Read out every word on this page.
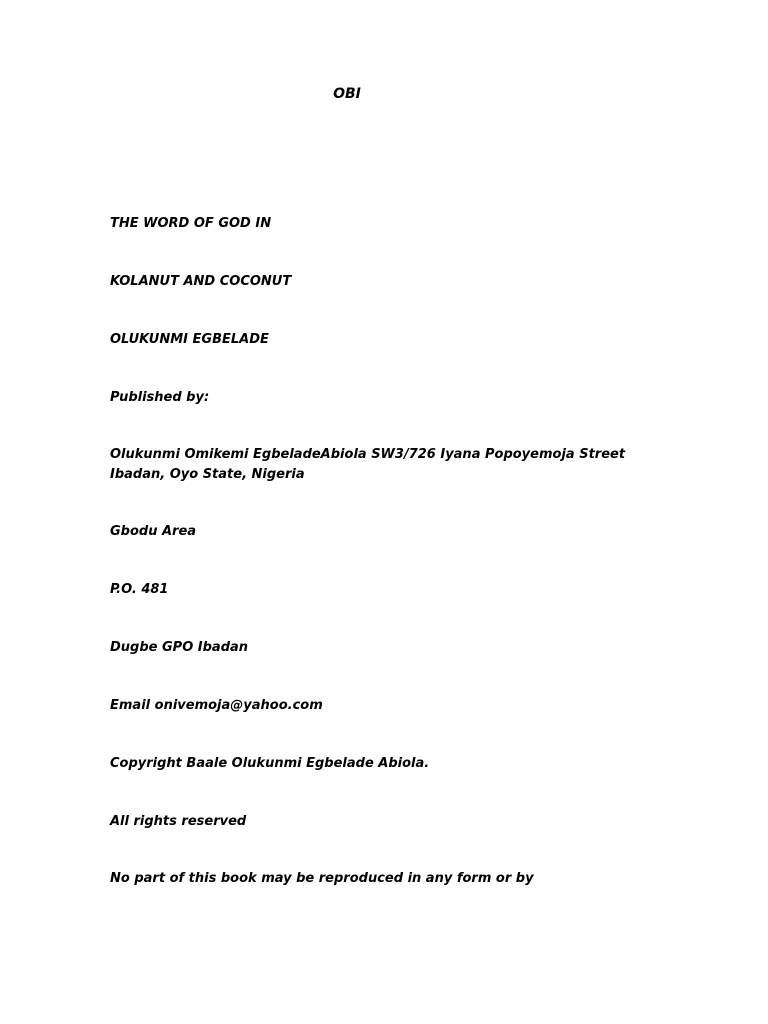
OBI
THE WORD OF GOD IN
KOLANUT AND COCONUT
OLUKUNMI EGBELADE
Published by:
Olukunmi Omikemi EgbeladeAbiola SW3/726 Iyana Popoyemoja Street Ibadan, Oyo State, Nigeria
Gbodu Area
P.O. 481
Dugbe GPO Ibadan
Email onivemoja@yahoo.com
Copyright Baale Olukunmi Egbelade Abiola.
All rights reserved
No part of this book may be reproduced in any form or by
